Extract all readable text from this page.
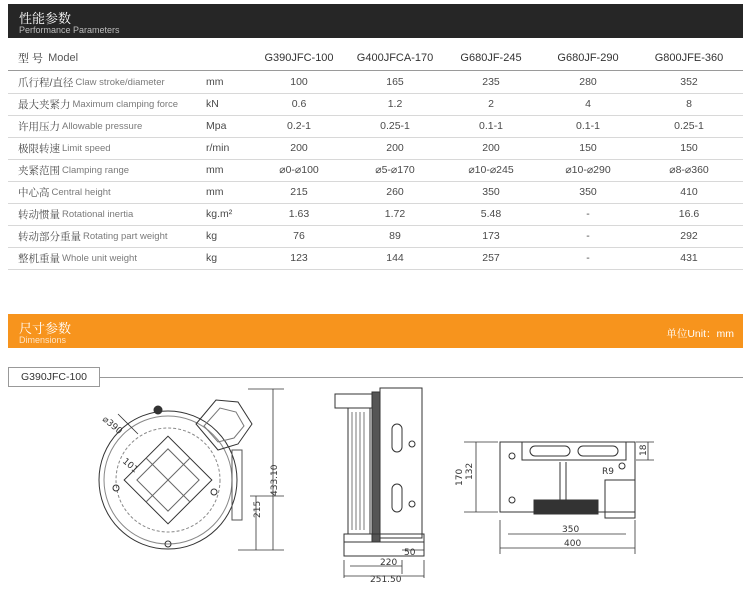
性能参数
Performance Parameters
型 号
Model	G390JFC-100	G400JFCA-170	G680JF-245	G680JF-290	G800JFE-360
爪行程/直径 Claw stroke/diameter	mm	100	165	235	280	352
最大夹紧力 Maximum clamping force	kN	0.6	1.2	2	4	8
许用压力 Allowable pressure	Mpa	0.2-1	0.25-1	0.1-1	0.1-1	0.25-1
极限转速 Limit speed	r/min	200	200	200	150	150
夹紧范围 Clamping range	mm	⌀0-⌀100	⌀5-⌀170	⌀10-⌀245	⌀10-⌀290	⌀8-⌀360
中心高 Central height	mm	215	260	350	350	410
转动惯量 Rotational inertia	kg.m²	1.63	1.72	5.48	-	16.6
转动部分重量 Rotating part weight	kg	76	89	173	-	292
整机重量 Whole unit weight	kg	123	144	257	-	431
尺寸参数
Dimensions	单位Unit：mm
G390JFC-100
⌀390
101
215
433.10
50
220
251.50
170 132
18
R9
350
400
